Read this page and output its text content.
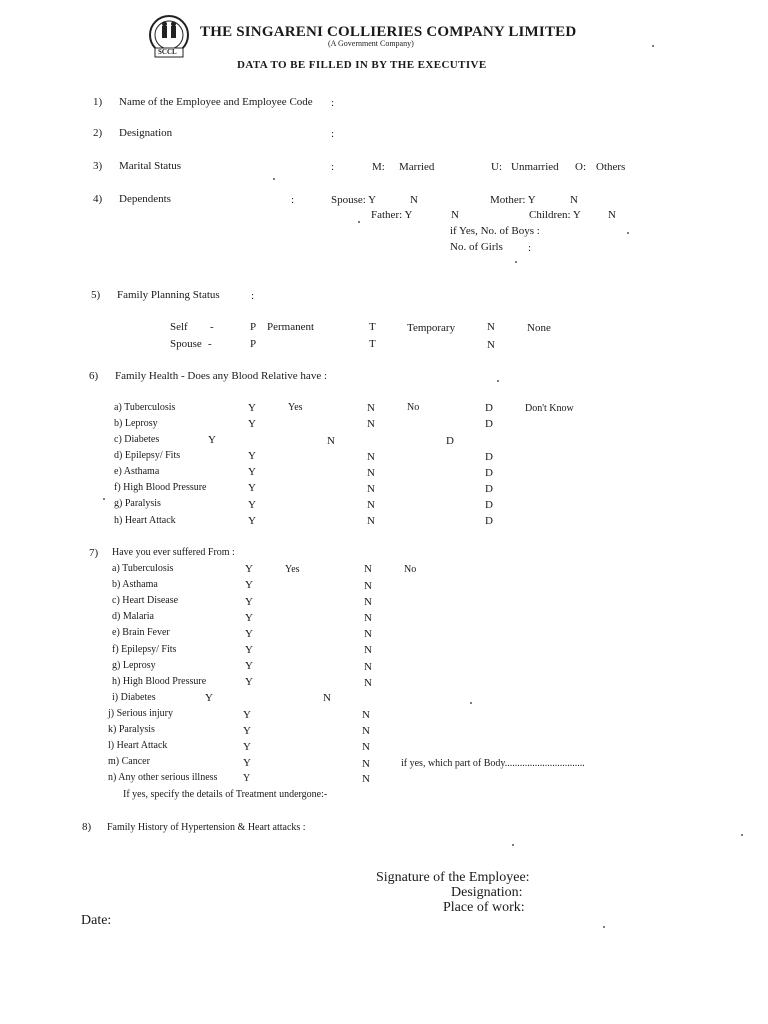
SCCL
THE SINGARENI COLLIERIES COMPANY LIMITED
(A Government Company)
DATA TO BE FILLED IN BY THE EXECUTIVE
1) Name of the Employee and Employee Code :
2) Designation	:
3) Marital Status	:	M: Married	U: Unmarried O: Others
4) Dependents	:	Spouse: Y	N	Mother: Y	N
Father: Y	N	Children: Y N
if Yes, No. of Boys :
No. of Girls :
5) Family Planning Status	:
Self -	P Permanent	T	Temporary	N	None
Spouse -	P	T	N
6) Family Health - Does any Blood Relative have :
a) Tuberculosis	Y	Yes	N	No	D	Don't Know
b) Leprosy	Y	N	D
c) Diabetes	Y	N	D
d) Epilepsy/ Fits	Y	N	D
e) Asthama	Y	N	D
f) High Blood Pressure	Y	N	D
g) Paralysis	Y	N	D
h) Heart Attack	Y	N	D
7) Have you ever suffered From :
a) Tuberculosis	Y	Yes	N	No
b) Asthama	Y	N
c) Heart Disease	Y	N
d) Malaria	Y	N
e) Brain Fever	Y	N
f) Epilepsy/ Fits	Y	N
g) Leprosy	Y	N
h) High Blood Pressure	Y	N
i) Diabetes	Y	N
j) Serious injury	Y	N
k) Paralysis	Y	N
l) Heart Attack	Y	N
m) Cancer	Y	N	if yes, which part of Body................................
n) Any other serious illness	Y	N
If yes, specify the details of Treatment undergone:-
8) Family History of Hypertension & Heart attacks :
Signature of the Employee:
Designation:
Place of work:
Date:
